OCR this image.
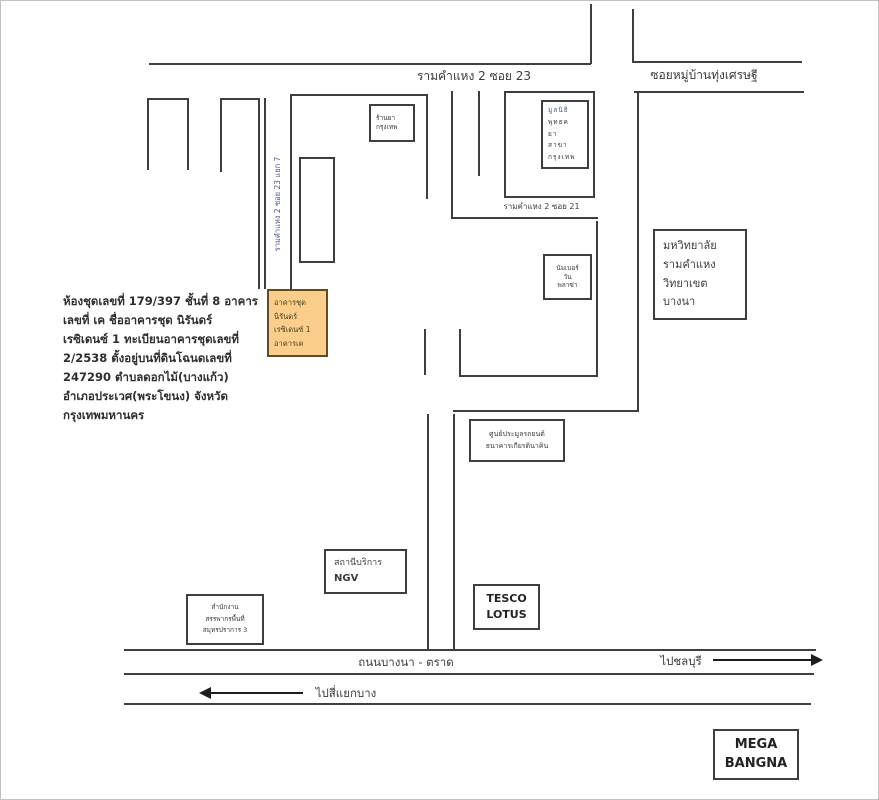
รามคำแหง 2 ซอย 23	ซอยหมู่บ้านทุ่งเศรษฐี
รามคำแหง 2 ซอย 23 แยก 7	รามคำแหง 2 ซอย 21
ร้านยา
กรุงเทพ
มูลนิธิ
พุทธค
ยา
สาขา
กรุงเทพ
นัมเบอร์
วัน
พลาซ่า
มหวิทยาลัย
รามคำแหง
วิทยาเขต
บางนา
อาคารชุด
นิรันดร์
เรซิเดนซ์ 1
อาคารเค
ศูนย์ประมูลรถยนต์
ธนาคารเกียรตินาคิน
สถานีบริการ
NGV
สำนักงาน
สรรพากรพื้นที่
สมุทรปราการ 3
TESCO
LOTUS
MEGA
BANGNA
ห้องชุดเลขที่ 179/397 ชั้นที่ 8 อาคาร
เลขที่ เค ชื่ออาคารชุด นิรันดร์
เรซิเดนซ์ 1 ทะเบียนอาคารชุดเลขที่
2/2538 ตั้งอยู่บนที่ดินโฉนดเลขที่
247290 ตำบลดอกไม้(บางแก้ว)
อำเภอประเวศ(พระโขนง) จังหวัด
กรุงเทพมหานคร
ถนนบางนา - ตราด	ไปชลบุรี
ไปสี่แยกบาง
